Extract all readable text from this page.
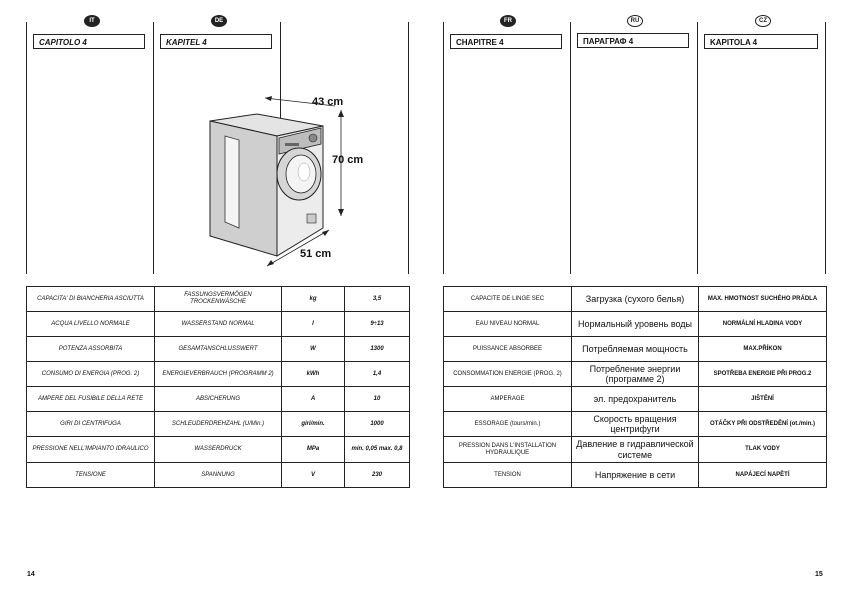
IT	DE
CAPITOLO 4	KAPITEL 4
43 cm
70 cm
51 cm
CAPACITA' DI BIANCHERIA ASCIUTTA	FASSUNGSVERMÖGEN TROCKENWÄSCHE	kg	3,5
ACQUA LIVELLO NORMALE	WASSERSTAND NORMAL	l	9÷13
POTENZA ASSORBITA	GESAMTANSCHLUSSWERT	W	1300
CONSUMO DI ENERGIA (PROG. 2)	ENERGIEVERBRAUCH (PROGRAMM 2)	kWh	1,4
AMPERE DEL FUSIBILE DELLA RETE	ABSICHERUNG	A	10
GIRI DI CENTRIFUGA	SCHLEUDERDREHZAHL (U/Min.)	giri/min.	1000
PRESSIONE NELL'IMPIANTO IDRAULICO	WASSERDRUCK	MPa	min. 0,05 max. 0,8
TENSIONE	SPANNUNG	V	230
14
FR	RU	CZ
CHAPITRE 4	ПАРАГРАФ 4	KAPITOLA 4
CAPACITE DE LINGE SEC	Загрузка (сухого белья)	MAX. HMOTNOST SUCHÉHO PRÁDLA
EAU NIVEAU NORMAL	Нормальный уровень воды	NORMÁLNÍ HLADINA VODY
PUISSANCE ABSORBEE	Потребляемая мощность	MAX.PŘÍKON
CONSOMMATION ENERGIE (PROG. 2)	Потребление энергии (программе 2)	SPOTŘEBA ENERGIE PŘI PROG.2
AMPERAGE	эл. предохранитель	JIŠTĚNÍ
ESSORAGE (tours/min.)	Скорость вращения центрифуги	OTÁČKY PŘI ODSTŘEDĚNÍ (ot./min.)
PRESSION DANS L'INSTALLATION HYDRAULIQUE	Давление в гидравлической системе	TLAK VODY
TENSION	Напряжение в сети	NAPÁJECÍ NAPĚTÍ
15
